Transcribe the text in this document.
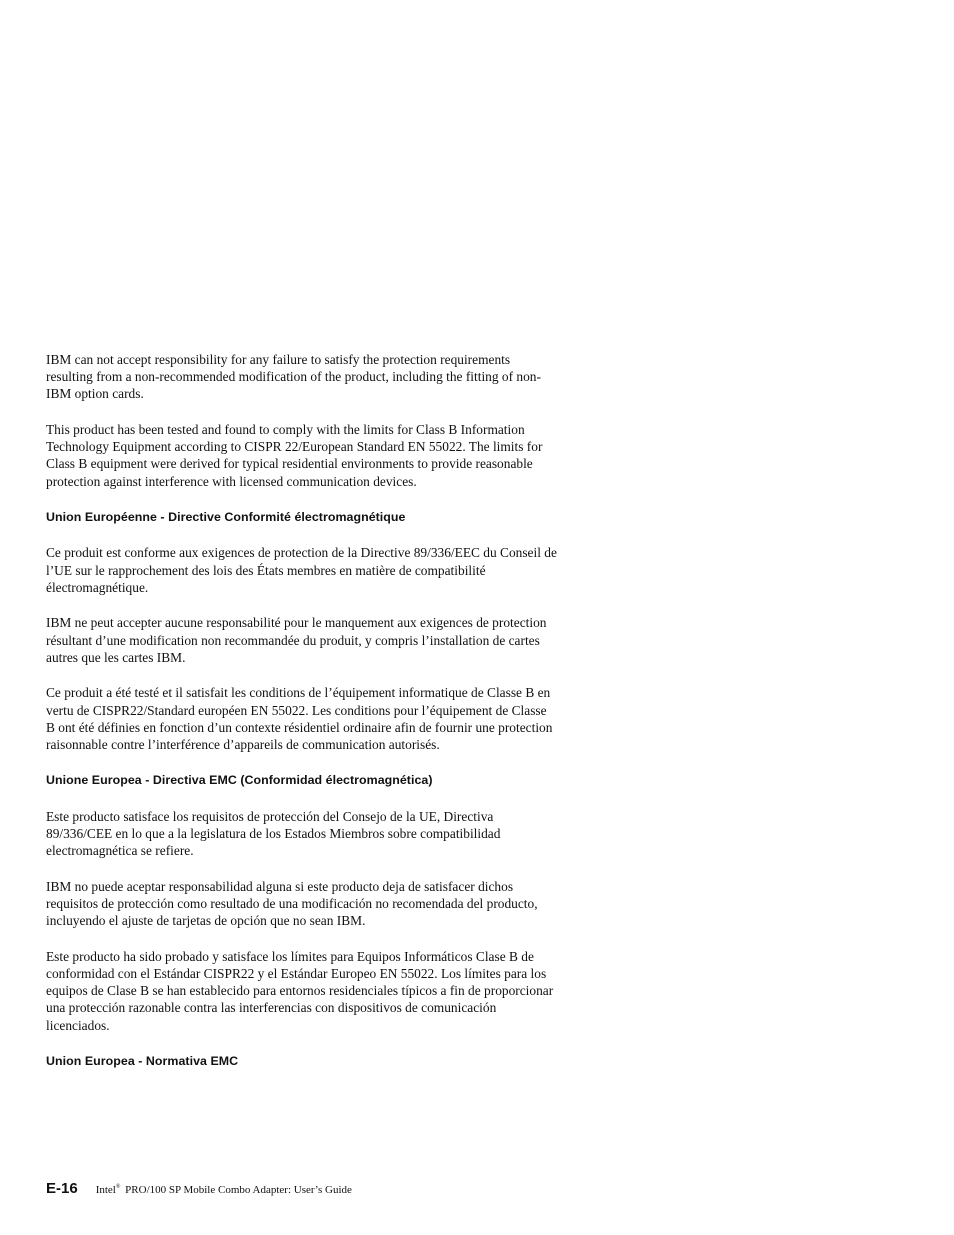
IBM can not accept responsibility for any failure to satisfy the protection requirements resulting from a non-recommended modification of the product, including the fitting of non-IBM option cards.

This product has been tested and found to comply with the limits for Class B Information Technology Equipment according to CISPR 22/European Standard EN 55022. The limits for Class B equipment were derived for typical residential environments to provide reasonable protection against interference with licensed communication devices.

Union Européenne - Directive Conformité électromagnétique

Ce produit est conforme aux exigences de protection de la Directive 89/336/EEC du Conseil de l’UE sur le rapprochement des lois des États membres en matière de compatibilité électromagnétique.

IBM ne peut accepter aucune responsabilité pour le manquement aux exigences de protection résultant d’une modification non recommandée du produit, y compris l’installation de cartes autres que les cartes IBM.

Ce produit a été testé et il satisfait les conditions de l’équipement informatique de Classe B en vertu de CISPR22/Standard européen EN 55022. Les conditions pour l’équipement de Classe B ont été définies en fonction d’un contexte résidentiel ordinaire afin de fournir une protection raisonnable contre l’interférence d’appareils de communication autorisés.

Unione Europea - Directiva EMC (Conformidad électromagnética)

Este producto satisface los requisitos de protección del Consejo de la UE, Directiva 89/336/CEE en lo que a la legislatura de los Estados Miembros sobre compatibilidad electromagnética se refiere.

IBM no puede aceptar responsabilidad alguna si este producto deja de satisfacer dichos requisitos de protección como resultado de una modificación no recomendada del producto, incluyendo el ajuste de tarjetas de opción que no sean IBM.

Este producto ha sido probado y satisface los límites para Equipos Informáticos Clase B de conformidad con el Estándar CISPR22 y el Estándar Europeo EN 55022. Los límites para los equipos de Clase B se han establecido para entornos residenciales típicos a fin de proporcionar una protección razonable contra las interferencias con dispositivos de comunicación licenciados.

Union Europea - Normativa EMC
E-16 Intel® PRO/100 SP Mobile Combo Adapter: User’s Guide
